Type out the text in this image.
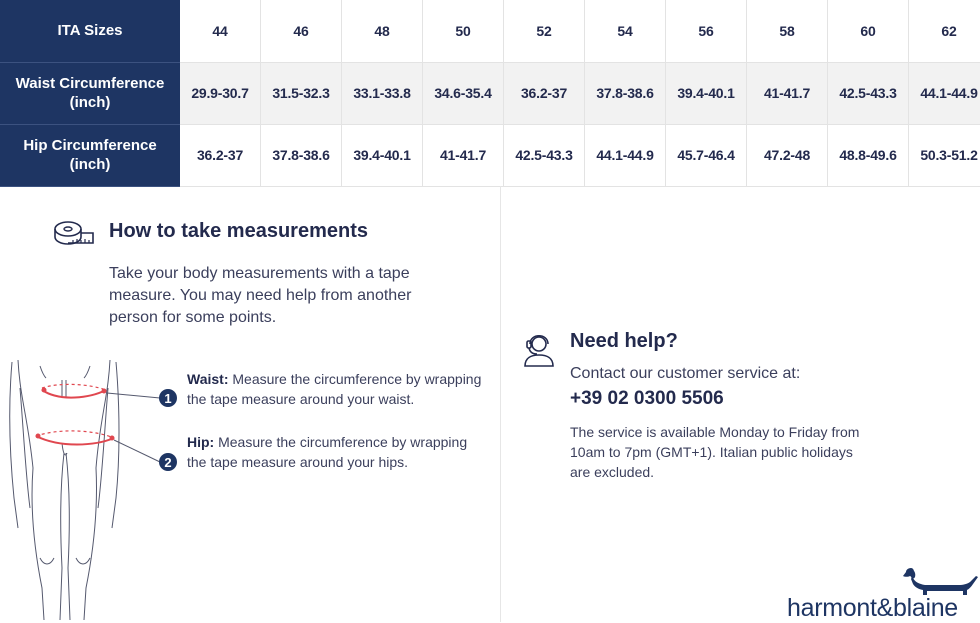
ITA Sizes	44	46	48	50	52	54	56	58	60	62
Waist Circumference (inch)	29.9-30.7	31.5-32.3	33.1-33.8	34.6-35.4	36.2-37	37.8-38.6	39.4-40.1	41-41.7	42.5-43.3	44.1-44.9
Hip Circumference (inch)	36.2-37	37.8-38.6	39.4-40.1	41-41.7	42.5-43.3	44.1-44.9	45.7-46.4	47.2-48	48.8-49.6	50.3-51.2
How to take measurements
Take your body measurements with a tape measure. You may need help from another person for some points.
1
2
Waist: Measure the circumference by wrapping the tape measure around your waist.
Hip: Measure the circumference by wrapping the tape measure around your hips.
Need help?
Contact our customer service at:
+39 02 0300 5506
The service is available Monday to Friday from 10am to 7pm (GMT+1). Italian public holidays are excluded.
harmont&blaine
